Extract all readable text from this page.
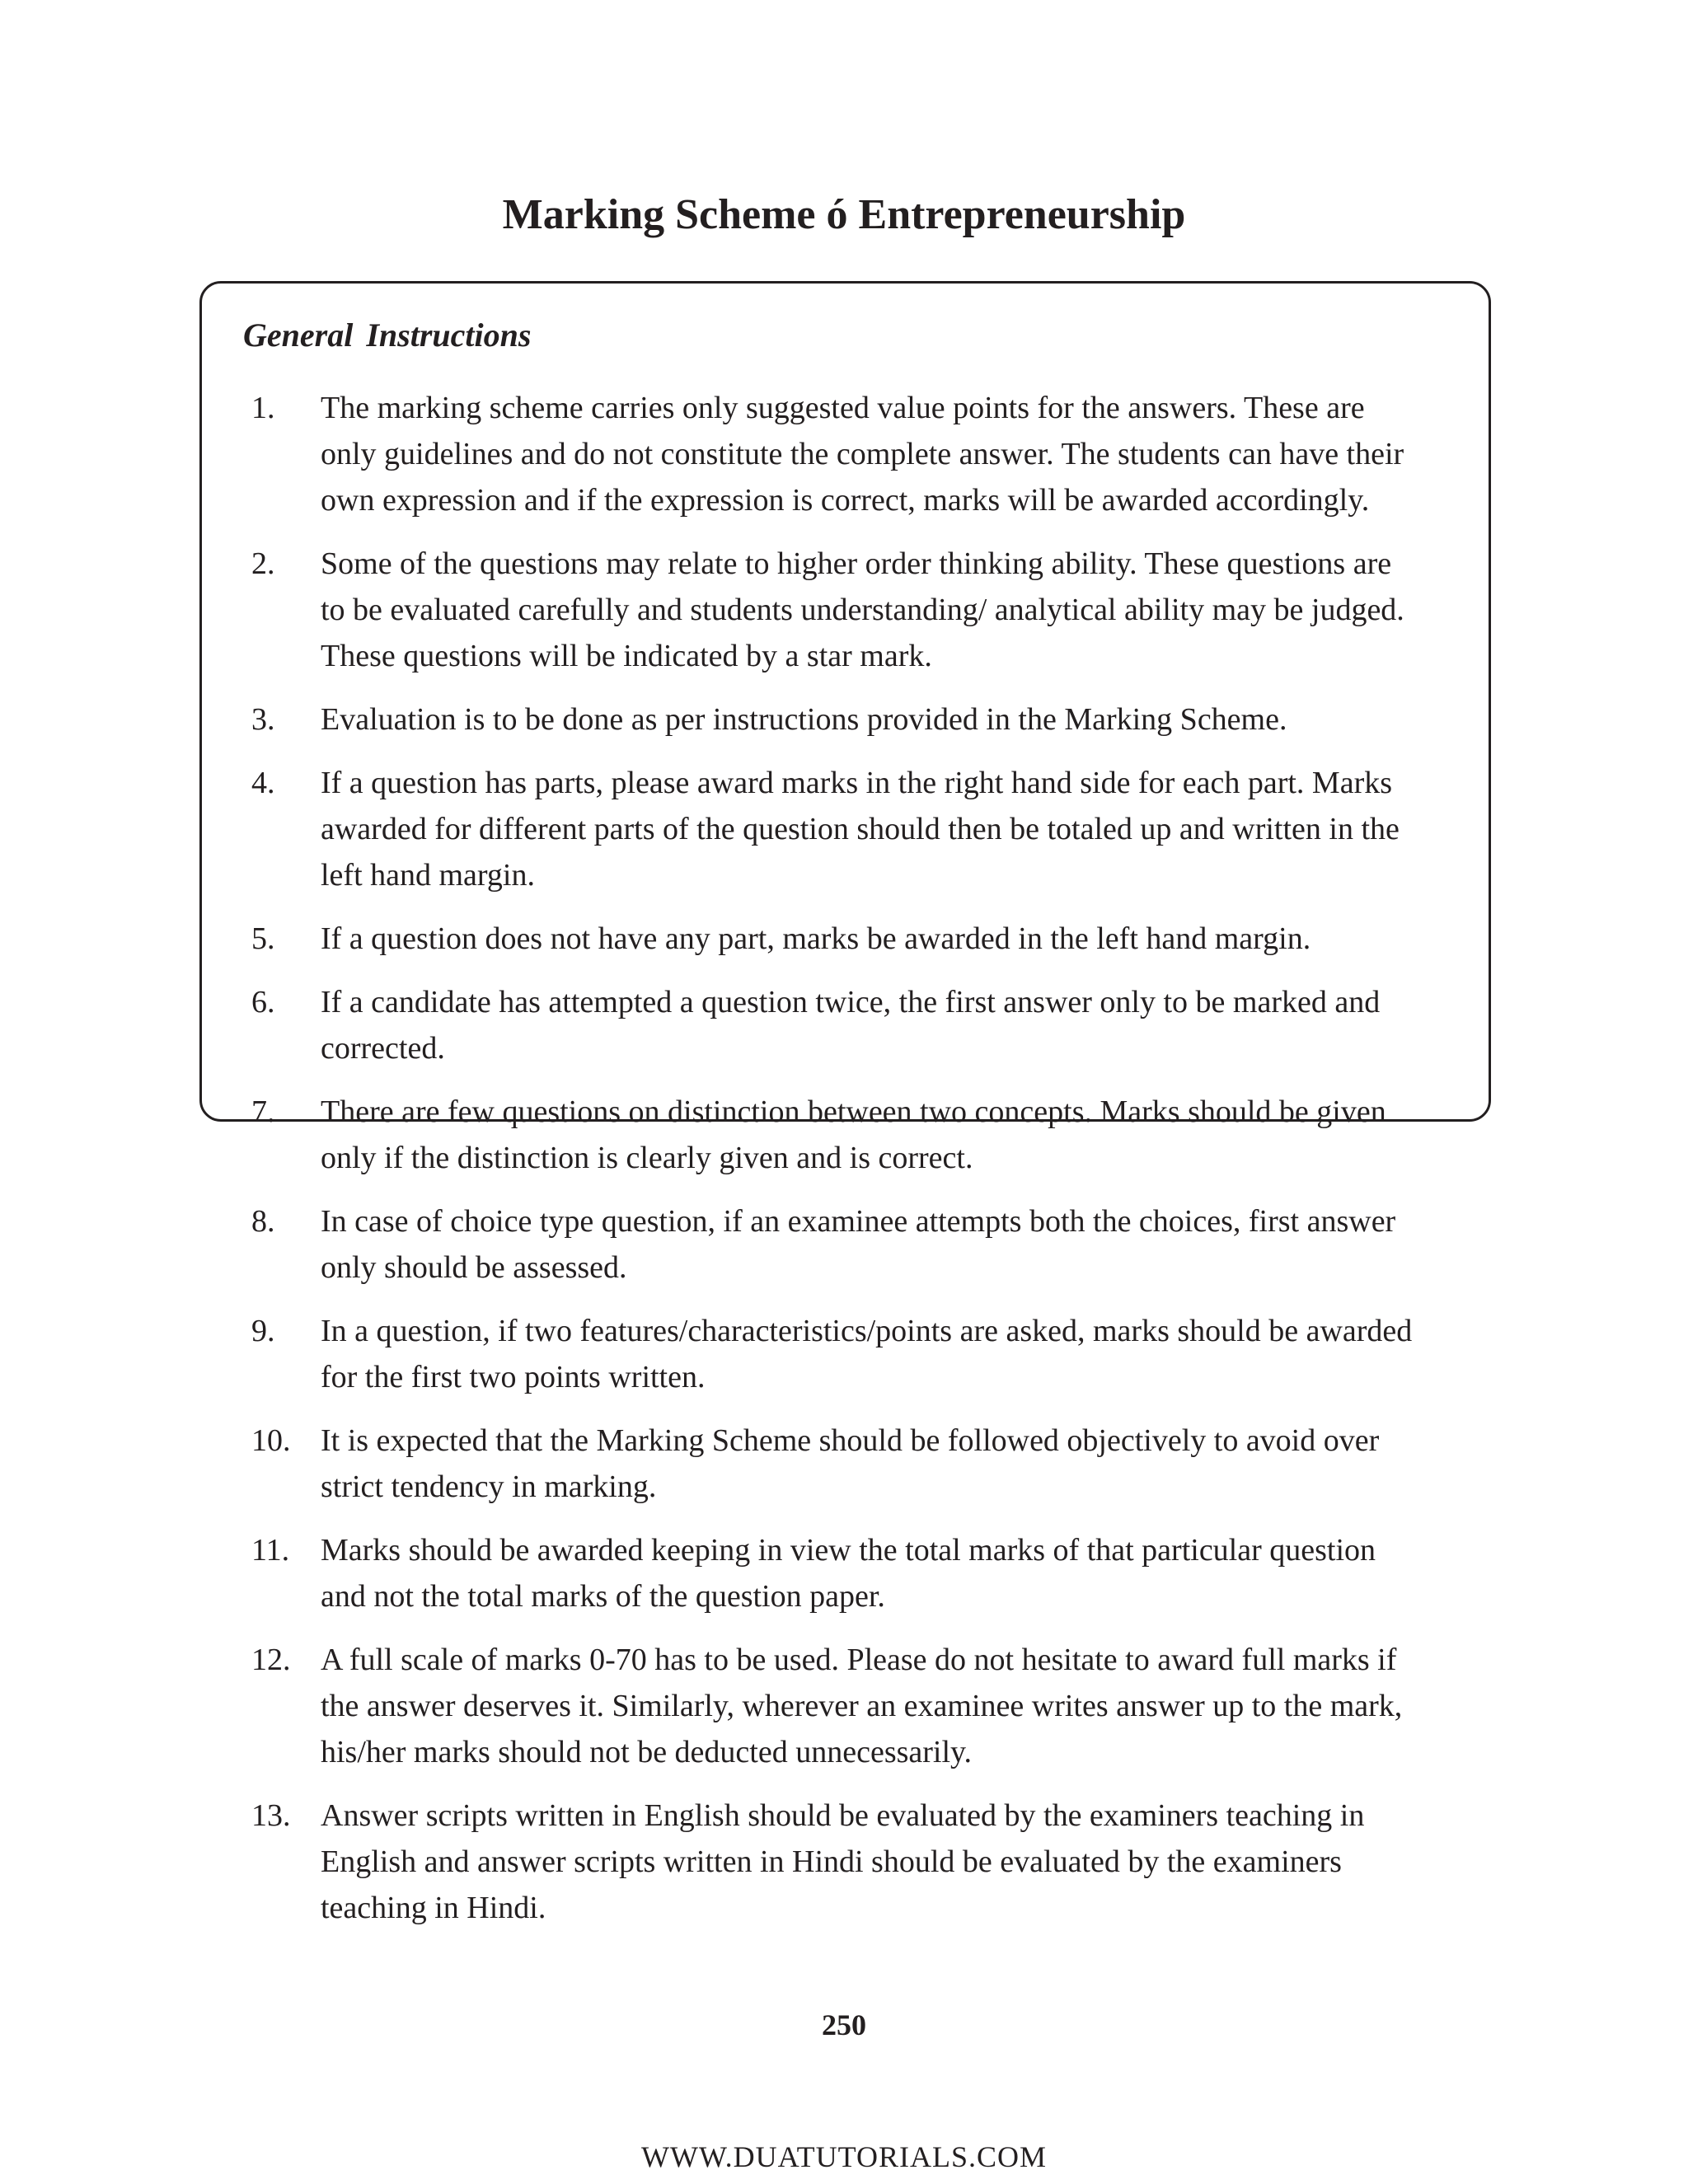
Marking Scheme ó Entrepreneurship
General Instructions
1.	The marking scheme carries only suggested value points for the answers. These are only guidelines and do not constitute the complete answer. The students can have their own expression and if the expression is correct, marks will be awarded accordingly.
2.	Some of the questions may relate to higher order thinking ability. These questions are to be evaluated carefully and students understanding/ analytical ability may be judged. These questions will be indicated by a star mark.
3.	Evaluation is to be done as per instructions provided in the Marking Scheme.
4.	If a question has parts, please award marks in the right hand side for each part. Marks awarded for different parts of the question should then be totaled up and written in the left hand margin.
5.	If a question does not have any part, marks be awarded in the left hand margin.
6.	If a candidate has attempted a question twice, the first answer only to be marked and corrected.
7.	There are few questions on distinction between two concepts. Marks should be given only if the distinction is clearly given and is correct.
8.	In case of choice type question, if an examinee attempts both the choices, first answer only should be assessed.
9.	In a question, if two features/characteristics/points are asked, marks should be awarded for the first two points written.
10. It is expected that the Marking Scheme should be followed objectively to avoid over strict tendency in marking.
11. Marks should be awarded keeping in view the total marks of that particular question and not the total marks of the question paper.
12. A full scale of marks 0-70 has to be used. Please do not hesitate to award full marks if the answer deserves it. Similarly, wherever an examinee writes answer up to the mark, his/her marks should not be deducted unnecessarily.
13. Answer scripts written in English should be evaluated by the examiners teaching in English and answer scripts written in Hindi should be evaluated by the examiners teaching in Hindi.
250
WWW.DUATUTORIALS.COM
